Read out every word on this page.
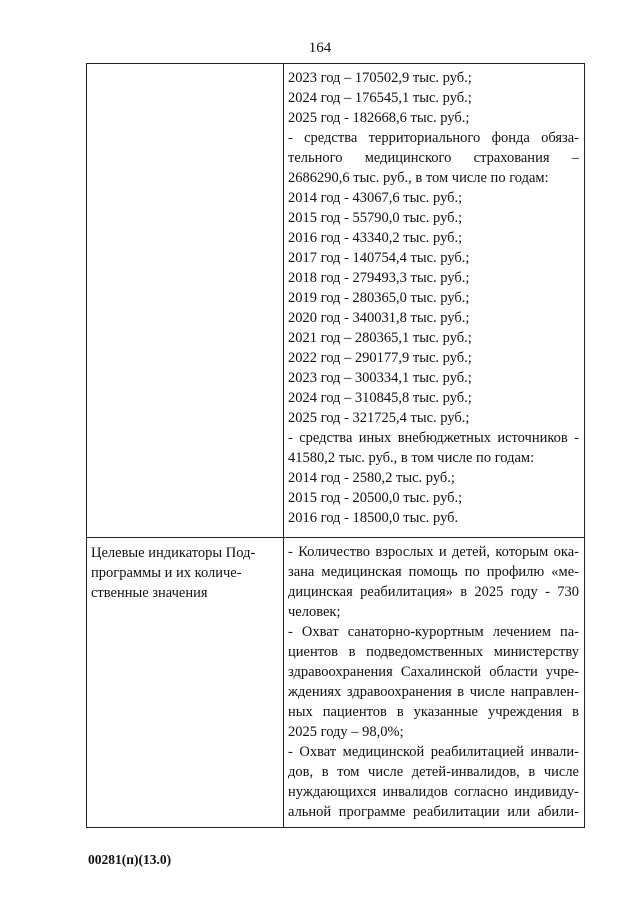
164
2023 год – 170502,9 тыс. руб.;
2024 год – 176545,1 тыс. руб.;
2025 год - 182668,6 тыс. руб.;
- средства территориального фонда обяза-
тельного медицинского страхования –
2686290,6 тыс. руб., в том числе по годам:
2014 год - 43067,6 тыс. руб.;
2015 год - 55790,0 тыс. руб.;
2016 год - 43340,2 тыс. руб.;
2017 год - 140754,4 тыс. руб.;
2018 год - 279493,3 тыс. руб.;
2019 год - 280365,0 тыс. руб.;
2020 год - 340031,8 тыс. руб.;
2021 год – 280365,1 тыс. руб.;
2022 год – 290177,9 тыс. руб.;
2023 год – 300334,1 тыс. руб.;
2024 год – 310845,8 тыс. руб.;
2025 год - 321725,4 тыс. руб.;
- средства иных внебюджетных источников -
41580,2 тыс. руб., в том числе по годам:
2014 год - 2580,2 тыс. руб.;
2015 год - 20500,0 тыс. руб.;
2016 год - 18500,0 тыс. руб.
Целевые индикаторы Под-
программы и их количе-
ственные значения
- Количество взрослых и детей, которым ока-
зана медицинская помощь по профилю «ме-
дицинская реабилитация» в 2025 году - 730
человек;
- Охват санаторно-курортным лечением па-
циентов в подведомственных министерству
здравоохранения Сахалинской области учре-
ждениях здравоохранения в числе направлен-
ных пациентов в указанные учреждения в
2025 году – 98,0%;
- Охват медицинской реабилитацией инвали-
дов, в том числе детей-инвалидов, в числе
нуждающихся инвалидов согласно индивиду-
альной программе реабилитации или абили-
00281(п)(13.0)
